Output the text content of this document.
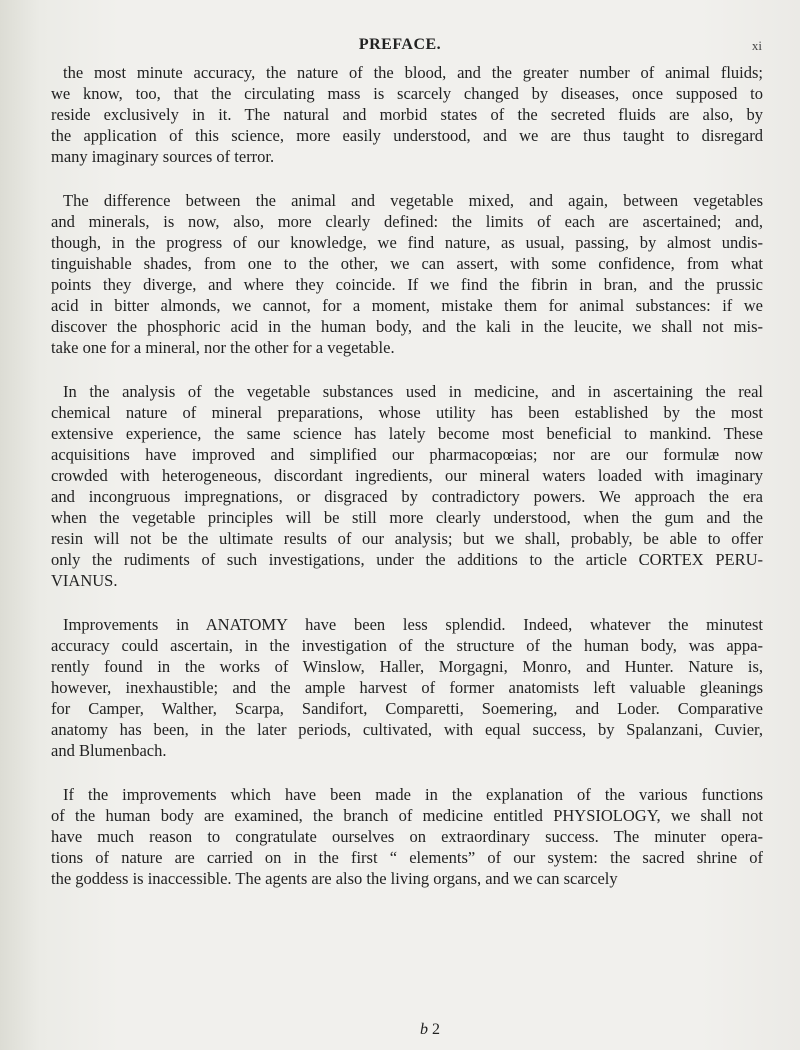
PREFACE.	xi

the most minute accuracy, the nature of the blood, and the greater number of animal fluids;
we know, too, that the circulating mass is scarcely changed by diseases, once supposed to
reside exclusively in it. The natural and morbid states of the secreted fluids are also, by
the application of this science, more easily understood, and we are thus taught to disregard
many imaginary sources of terror.

The difference between the animal and vegetable mixed, and again, between vegetables
and minerals, is now, also, more clearly defined: the limits of each are ascertained; and,
though, in the progress of our knowledge, we find nature, as usual, passing, by almost undis-
tinguishable shades, from one to the other, we can assert, with some confidence, from what
points they diverge, and where they coincide. If we find the fibrin in bran, and the prussic
acid in bitter almonds, we cannot, for a moment, mistake them for animal substances: if we
discover the phosphoric acid in the human body, and the kali in the leucite, we shall not mis-
take one for a mineral, nor the other for a vegetable.

In the analysis of the vegetable substances used in medicine, and in ascertaining the real
chemical nature of mineral preparations, whose utility has been established by the most
extensive experience, the same science has lately become most beneficial to mankind. These
acquisitions have improved and simplified our pharmacopœias; nor are our formulæ now
crowded with heterogeneous, discordant ingredients, our mineral waters loaded with imaginary
and incongruous impregnations, or disgraced by contradictory powers. We approach the era
when the vegetable principles will be still more clearly understood, when the gum and the
resin will not be the ultimate results of our analysis; but we shall, probably, be able to offer
only the rudiments of such investigations, under the additions to the article CORTEX PERU-
VIANUS.

Improvements in ANATOMY have been less splendid. Indeed, whatever the minutest
accuracy could ascertain, in the investigation of the structure of the human body, was appa-
rently found in the works of Winslow, Haller, Morgagni, Monro, and Hunter. Nature is,
however, inexhaustible; and the ample harvest of former anatomists left valuable gleanings
for Camper, Walther, Scarpa, Sandifort, Comparetti, Soemering, and Loder. Comparative
anatomy has been, in the later periods, cultivated, with equal success, by Spalanzani, Cuvier,
and Blumenbach.

If the improvements which have been made in the explanation of the various functions
of the human body are examined, the branch of medicine entitled PHYSIOLOGY, we shall not
have much reason to congratulate ourselves on extraordinary success. The minuter opera-
tions of nature are carried on in the first “ elements” of our system: the sacred shrine of
the goddess is inaccessible. The agents are also the living organs, and we can scarcely

b 2
